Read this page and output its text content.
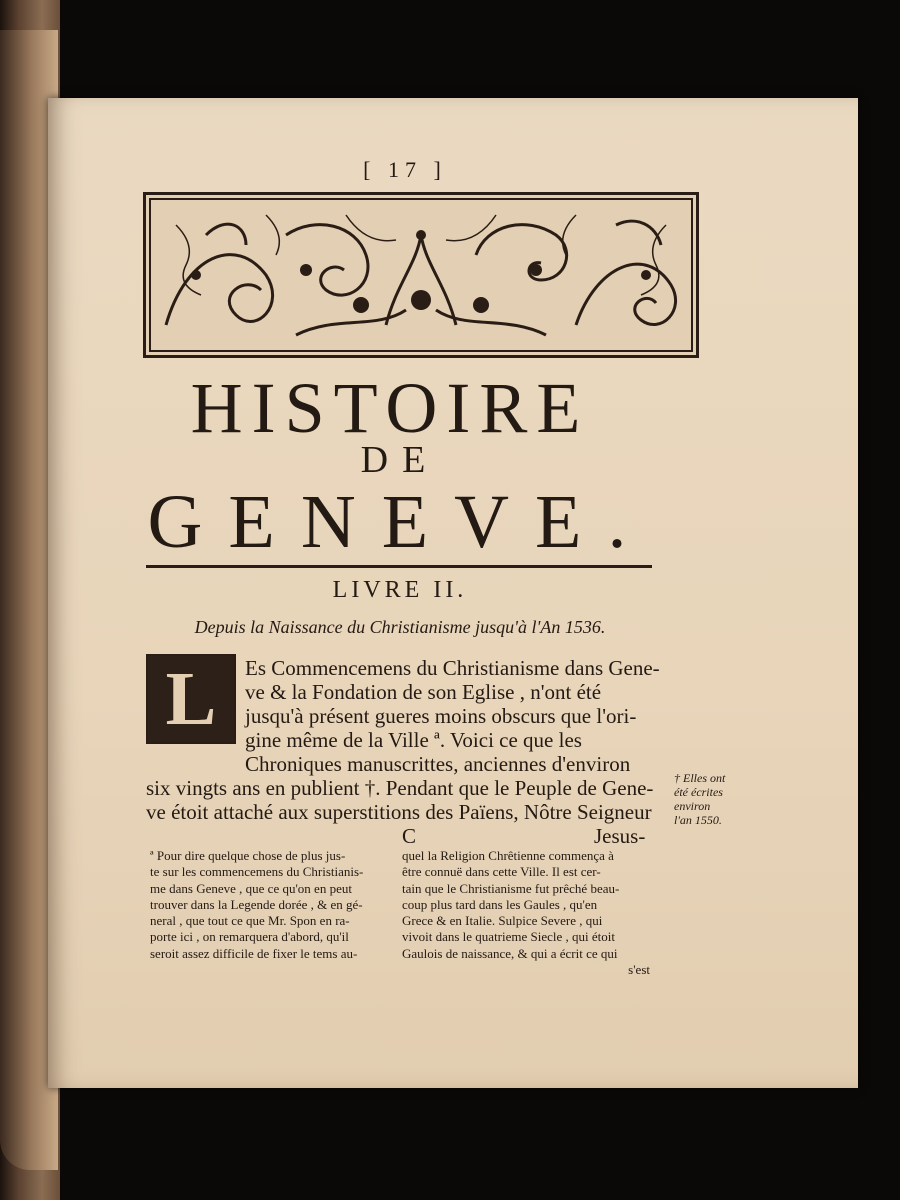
[ 17 ]
HISTOIRE
DE
GENEVE.
LIVRE II.
Depuis la Naissance du Christianisme jusqu'à l'An 1536.
L	Es Commencemens du Christianisme dans Gene-
ve & la Fondation de son Eglise , n'ont été
jusqu'à présent gueres moins obscurs que l'ori-
gine même de la Ville ª. Voici ce que les
Chroniques manuscrittes, anciennes d'environ
six vingts ans en publient †. Pendant que le Peuple de Gene-
ve étoit attaché aux superstitions des Païens, Nôtre Seigneur
C	Jesus-
† Elles ont
été écrites
environ
l'an 1550.
ª Pour dire quelque chose de plus jus-
te sur les commencemens du Christianis-
me dans Geneve , que ce qu'on en peut
trouver dans la Legende dorée , & en gé-
neral , que tout ce que Mr. Spon en ra-
porte ici , on remarquera d'abord, qu'il
seroit assez difficile de fixer le tems au-
quel la Religion Chrêtienne commença à
être connuë dans cette Ville. Il est cer-
tain que le Christianisme fut prêché beau-
coup plus tard dans les Gaules , qu'en
Grece & en Italie. Sulpice Severe , qui
vivoit dans le quatrieme Siecle , qui étoit
Gaulois de naissance, & qui a écrit ce qui
s'est
